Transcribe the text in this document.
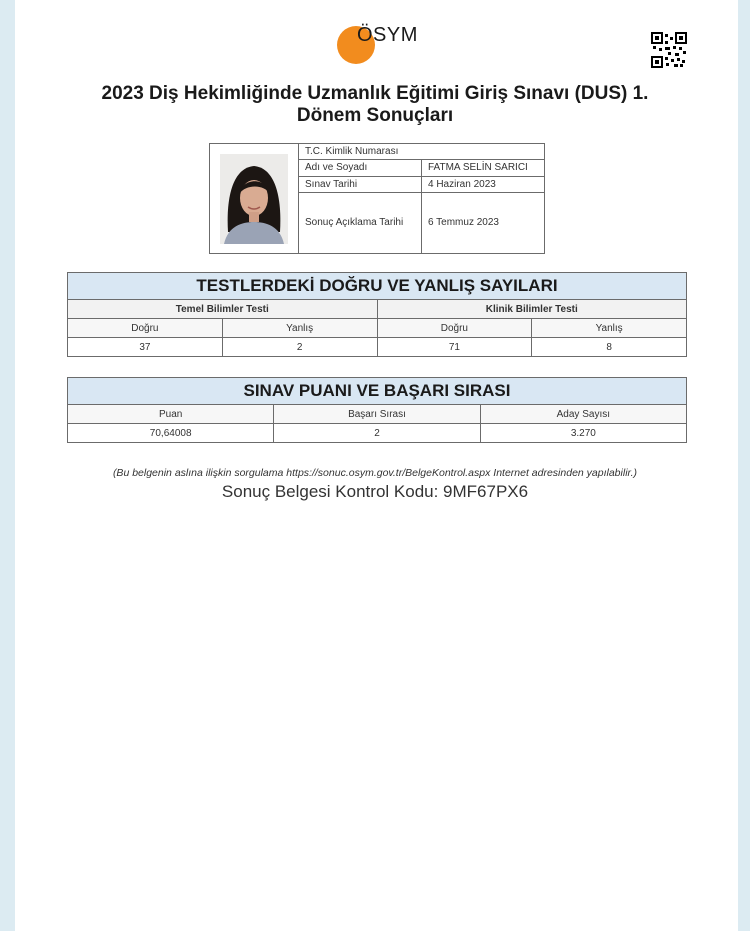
ÖSYM
2023 Diş Hekimliğinde Uzmanlık Eğitimi Giriş Sınavı (DUS) 1.
Dönem Sonuçları
T.C. Kimlik Numarası
Adı ve Soyadı	FATMA SELİN SARICI
Sınav Tarihi	4 Haziran 2023
Sonuç Açıklama Tarihi 6 Temmuz 2023
TESTLERDEKİ DOĞRU VE YANLIŞ SAYILARI			
Temel Bilimler Testi		Klinik Bilimler Testi	
Doğru	Yanlış	Doğru	Yanlış
37	2	71	8
SINAV PUANI VE BAŞARI SIRASI		
Puan	Başarı Sırası	Aday Sayısı
70,64008	2	3.270
(Bu belgenin aslına ilişkin sorgulama https://sonuc.osym.gov.tr/BelgeKontrol.aspx Internet adresinden yapılabilir.)
Sonuç Belgesi Kontrol Kodu: 9MF67PX6
